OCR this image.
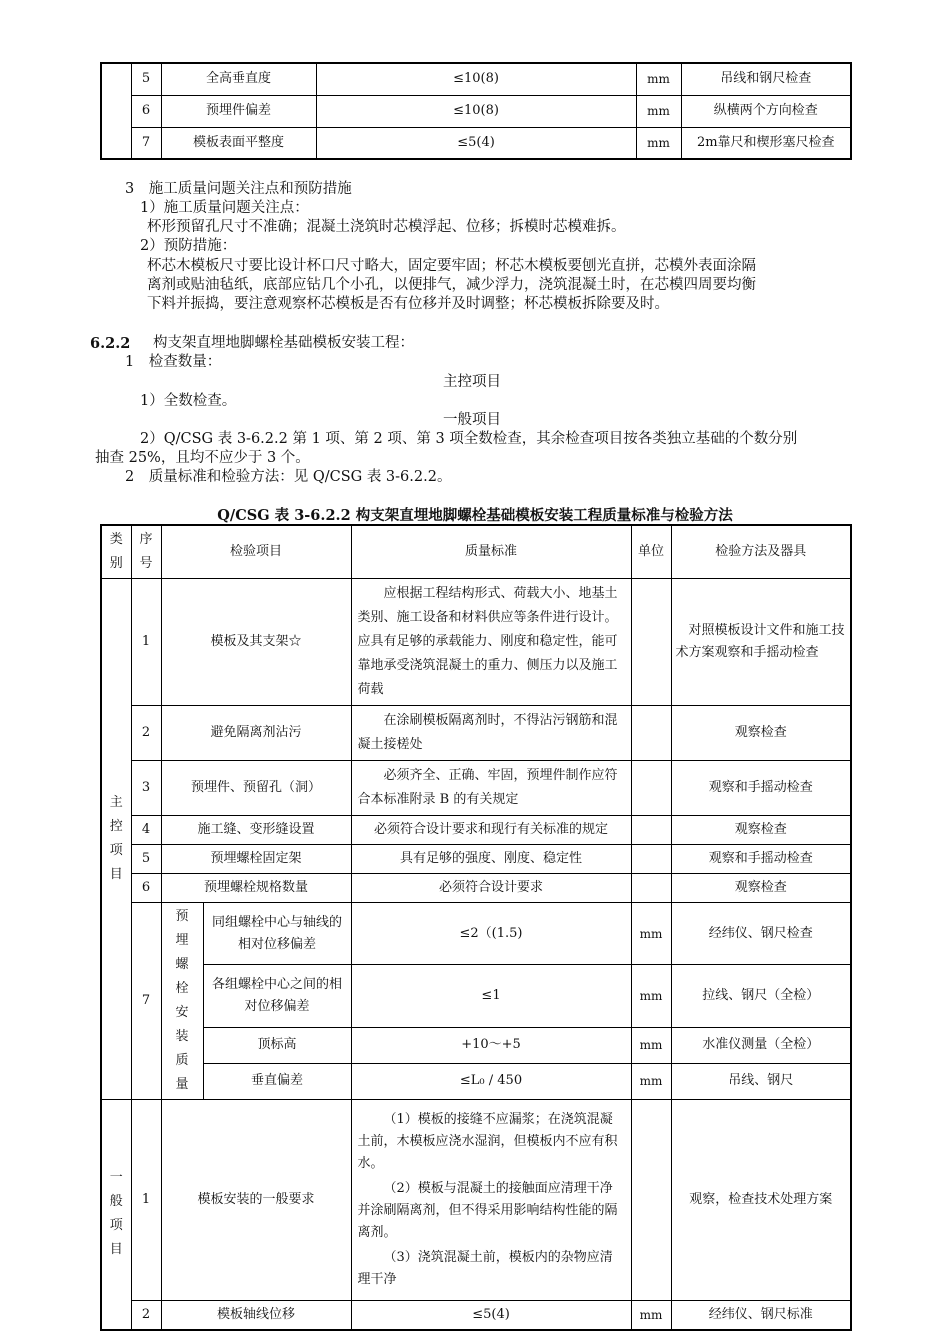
	5	全高垂直度	≤10(8)	mm	吊线和钢尺检查
	6	预埋件偏差	≤10(8)	mm	纵横两个方向检查
	7	模板表面平整度	≤5(4)	mm	2m靠尺和楔形塞尺检查
3　施工质量问题关注点和预防措施
1）施工质量问题关注点：
杯形预留孔尺寸不准确；混凝土浇筑时芯模浮起、位移；拆模时芯模难拆。
2）预防措施：
杯芯木模板尺寸要比设计杯口尺寸略大，固定要牢固；杯芯木模板要刨光直拼，芯模外表面涂隔
离剂或贴油毡纸，底部应钻几个小孔，以便排气，减少浮力，浇筑混凝土时，在芯模四周要均衡
下料并振捣，要注意观察杯芯模板是否有位移并及时调整；杯芯模板拆除要及时。
6.2.2 构支架直埋地脚螺栓基础模板安装工程：
1　检查数量：
主控项目
1）全数检查。
一般项目
2）Q/CSG 表 3-6.2.2 第 1 项、第 2 项、第 3 项全数检查，其余检查项目按各类独立基础的个数分别
抽查 25%，且均不应少于 3 个。
2　质量标准和检验方法：见 Q/CSG 表 3-6.2.2。
Q/CSG 表 3-6.2.2 构支架直埋地脚螺栓基础模板安装工程质量标准与检验方法
类别	序号	检验项目		质量标准	单位	检验方法及器具
主控项目	1	模板及其支架☆		应根据工程结构形式、荷载大小、地基土类别、施工设备和材料供应等条件进行设计。应具有足够的承载能力、刚度和稳定性，能可靠地承受浇筑混凝土的重力、侧压力以及施工荷载		对照模板设计文件和施工技术方案观察和手摇动检查
	2	避免隔离剂沾污		在涂刷模板隔离剂时，不得沾污钢筋和混凝土接槎处		观察检查
	3	预埋件、预留孔（洞）		必须齐全、正确、牢固，预埋件制作应符合本标准附录 B 的有关规定		观察和手摇动检查
	4	施工缝、变形缝设置		必须符合设计要求和现行有关标准的规定		观察检查
	5	预埋螺栓固定架		具有足够的强度、刚度、稳定性		观察和手摇动检查
	6	预埋螺栓规格数量		必须符合设计要求		观察检查
	7	预埋螺栓安装质量	同组螺栓中心与轴线的相对位移偏差	≤2（(1.5)	mm	经纬仪、钢尺检查
			各组螺栓中心之间的相对位移偏差	≤1	mm	拉线、钢尺（全检）
			顶标高	+10～+5	mm	水准仪测量（全检）
			垂直偏差	≤L₀ / 450	mm	吊线、钢尺
一般项目	1	模板安装的一般要求		（1）模板的接缝不应漏浆；在浇筑混凝土前，木模板应浇水湿润，但模板内不应有积水。
（2）模板与混凝土的接触面应清理干净并涂刷隔离剂，但不得采用影响结构性能的隔离剂。
（3）浇筑混凝土前，模板内的杂物应清理干净		观察，检查技术处理方案
	2	模板轴线位移		≤5(4)	mm	经纬仪、钢尺标准
